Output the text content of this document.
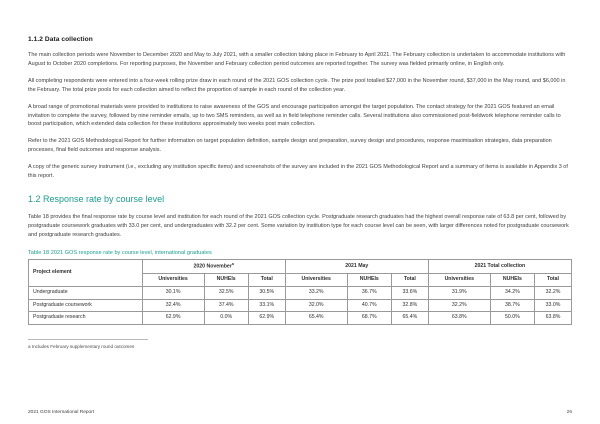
1.1.2 Data collection

The main collection periods were November to December 2020 and May to July 2021, with a smaller collection taking place in February to April 2021. The February collection is undertaken to accommodate institutions with August to October 2020 completions. For reporting purposes, the November and February collection period outcomes are reported together. The survey was fielded primarily online, in English only.

All completing respondents were entered into a four-week rolling prize draw in each round of the 2021 GOS collection cycle. The prize pool totalled $27,000 in the November round, $37,000 in the May round, and $6,000 in the February. The total prize pools for each collection aimed to reflect the proportion of sample in each round of the collection year.

A broad range of promotional materials were provided to institutions to raise awareness of the GOS and encourage participation amongst the target population. The contact strategy for the 2021 GOS featured an email invitation to complete the survey, followed by nine reminder emails, up to two SMS reminders, as well as in field telephone reminder calls. Several institutions also commissioned post-fieldwork telephone reminder calls to boost participation, which extended data collection for these institutions approximately two weeks post main collection.

Refer to the 2021 GOS Methodological Report for further information on target population definition, sample design and preparation, survey design and procedures, response maximisation strategies, data preparation processes, final field outcomes and response analysis.

A copy of the generic survey instrument (i.e., excluding any institution specific items) and screenshots of the survey are included in the 2021 GOS Methodological Report and a summary of items is available in Appendix 3 of this report.

1.2 Response rate by course level

Table 18 provides the final response rate by course level and institution for each round of the 2021 GOS collection cycle. Postgraduate research graduates had the highest overall response rate of 63.8 per cent, followed by postgraduate coursework graduates with 33.0 per cent, and undergraduates with 32.2 per cent. Some variation by institution type for each course level can be seen, with larger differences noted for postgraduate coursework and postgraduate research graduates.

Table 18 2021 GOS response rate by course level, international graduates
Project element	2020 November$^a$			2021 May			2021 Total collection		
	Universities	NUHEIs	Total	Universities	NUHEIs	Total	Universities	NUHEIs	Total
Undergraduate	30.1%	32.5%	30.5%	33.2%	36.7%	33.6%	31.9%	34.2%	32.2%
Postgraduate coursework	32.4%	37.4%	33.1%	32.0%	40.7%	32.8%	32.2%	38.7%	33.0%
Postgraduate research	62.9%	0.0%	62.9%	65.4%	68.7%	65.4%	63.8%	50.0%	63.8%

a Includes February supplementary round outcomes

2021 GOS International Report	26
